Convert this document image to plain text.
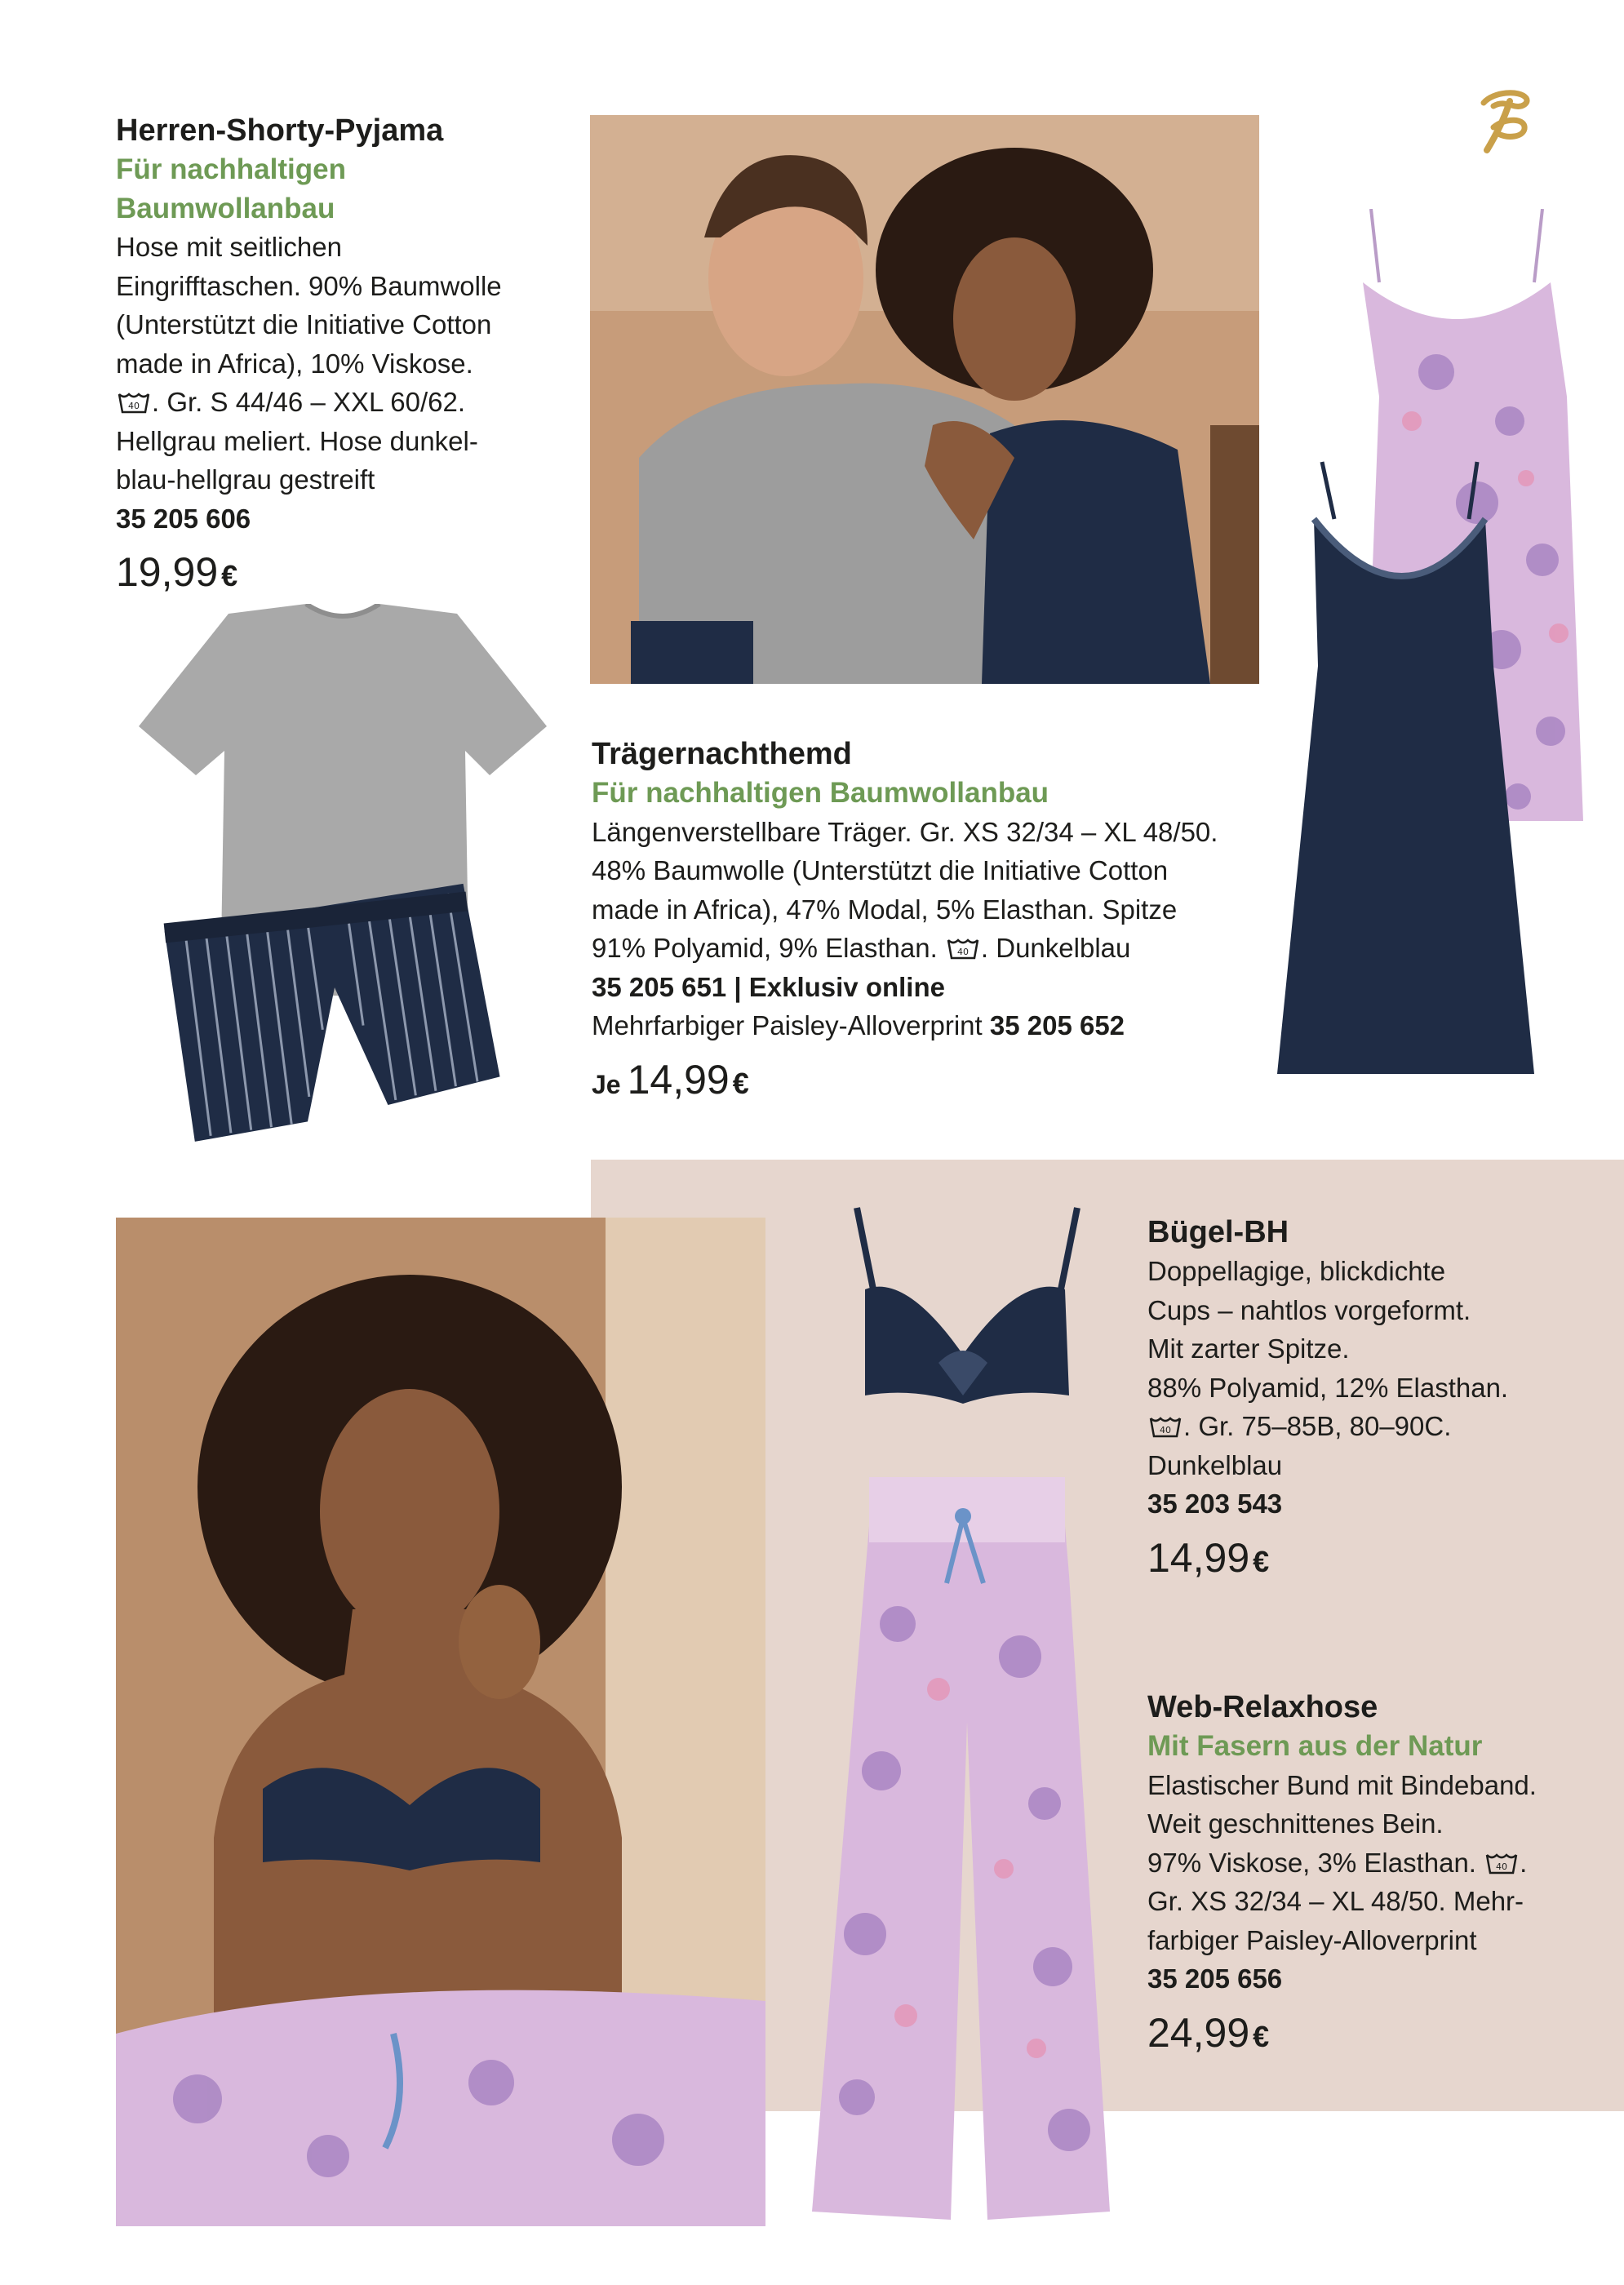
Herren-Shorty-Pyjama
Für nachhaltigen
Baumwollanbau
Hose mit seitlichen
Eingrifftaschen. 90% Baumwolle
(Unterstützt die Initiative Cotton
made in Africa), 10% Viskose.
40 . Gr. S 44/46 – XXL 60/62.
Hellgrau meliert. Hose dunkel-
blau-hellgrau gestreift
35 205 606
19,99 €
Trägernachthemd
Für nachhaltigen Baumwollanbau
Längenverstellbare Träger. Gr. XS 32/34 – XL 48/50.
48% Baumwolle (Unterstützt die Initiative Cotton
made in Africa), 47% Modal, 5% Elasthan. Spitze
91% Polyamid, 9% Elasthan. 40 . Dunkelblau
35 205 651 | Exklusiv online
Mehrfarbiger Paisley-Alloverprint 35 205 652
Je 14,99 €
Bügel-BH
Doppellagige, blickdichte
Cups – nahtlos vorgeformt.
Mit zarter Spitze.
88% Polyamid, 12% Elasthan.
40 . Gr. 75–85B, 80–90C.
Dunkelblau
35 203 543
14,99 €
Web-Relaxhose
Mit Fasern aus der Natur
Elastischer Bund mit Bindeband.
Weit geschnittenes Bein.
97% Viskose, 3% Elasthan. 40 .
Gr. XS 32/34 – XL 48/50. Mehr-
farbiger Paisley-Alloverprint
35 205 656
24,99 €
